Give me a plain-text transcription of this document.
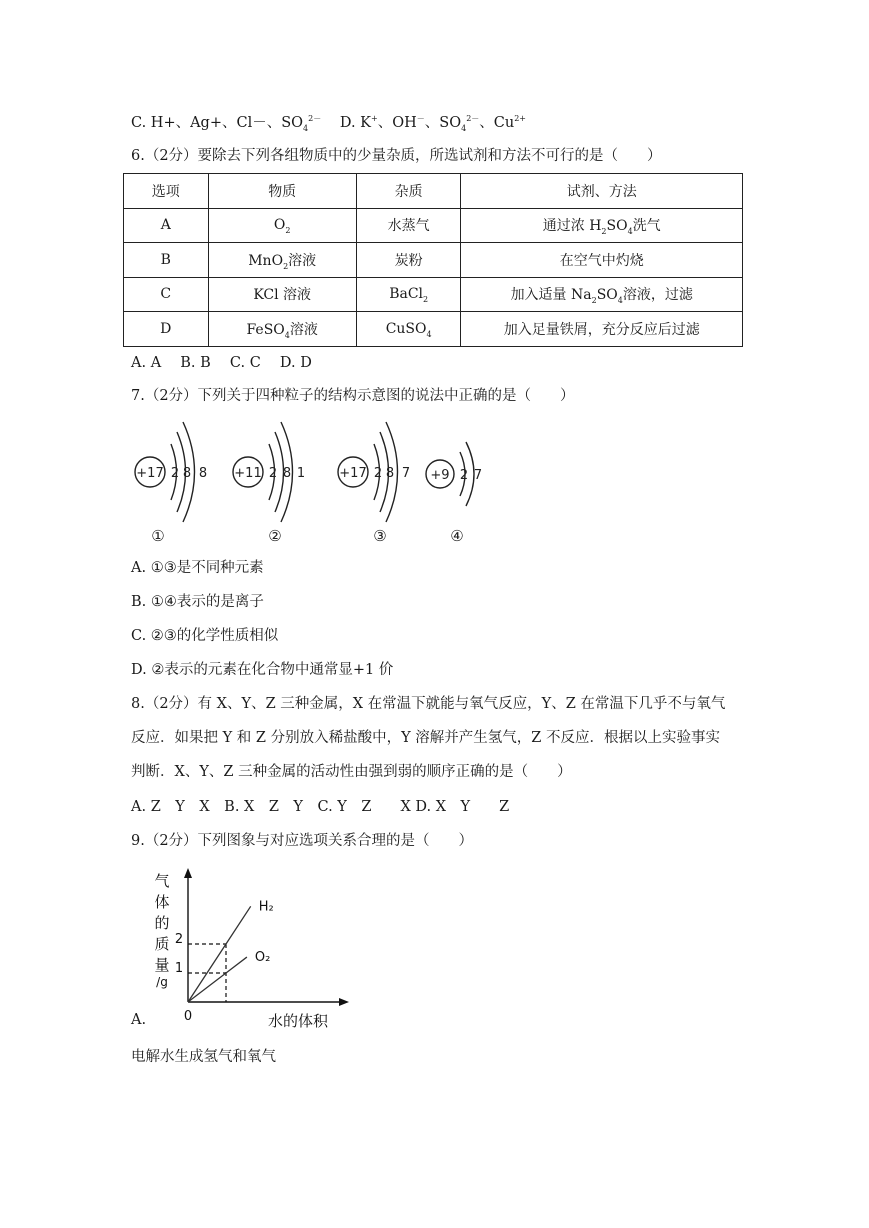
C. H+、Ag+、Cl－、$SO_4^{2-}$ D. K+、OH－、$SO_4^{2-}$、$Cu^{2+}$
6.（2分）要除去下列各组物质中的少量杂质，所选试剂和方法不可行的是（　　）
选项	物质	杂质	试剂、方法
A	$O_2$	水蒸气	通过浓 $H_2SO_4$洗气
B	MnO$_2$溶液	炭粉	在空气中灼烧
C	KCl 溶液	BaCl$_2$	加入适量 $Na_2SO_4$溶液，过滤
D	FeSO$_4$溶液	CuSO$_4$	加入足量铁屑，充分反应后过滤
A. A　 B. B　 C. C　 D. D
7.（2分）下列关于四种粒子的结构示意图的说法中正确的是（　　）
+17 2 8 8
①
+11 2 8 1
②
+17 2 8 7
③
+9 2 7
④
A. ①③是不同种元素
B. ①④表示的是离子
C. ②③的化学性质相似
D. ②表示的元素在化合物中通常显+1 价
8.（2分）有 X、Y、Z 三种金属，X 在常温下就能与氧气反应，Y、Z 在常温下几乎不与氧气
反应．如果把 Y 和 Z 分别放入稀盐酸中，Y 溶解并产生氢气，Z 不反应．根据以上实验事实
判断．X、Y、Z 三种金属的活动性由强到弱的顺序正确的是（　　）
A. Z　Y　X　B. X　Z　Y　C. Y　Z　　X D. X　Y　　Z
9.（2分）下列图象与对应选项关系合理的是（　　）
气
体
的
质
量
/g
0	水的体积
1
2
H₂
O₂
A.
电解水生成氢气和氧气
